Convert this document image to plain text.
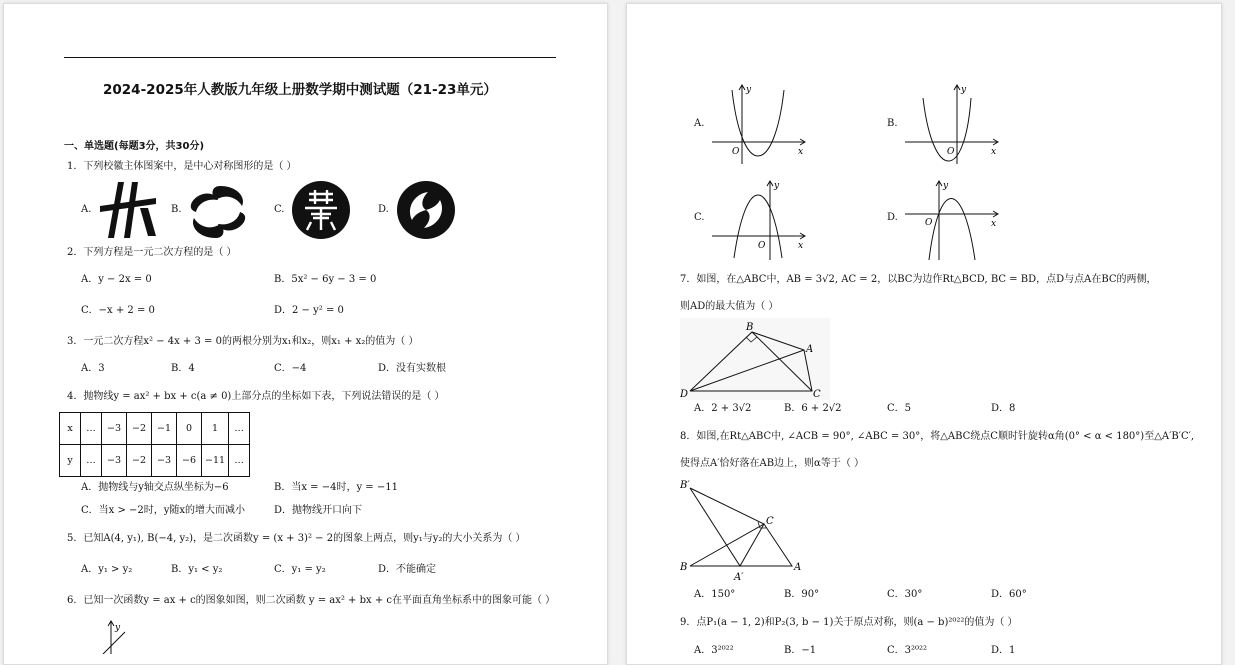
2024-2025年人教版九年级上册数学期中测试题（21-23单元）
一、单选题(每题3分，共30分)
1．下列校徽主体图案中，是中心对称图形的是（ ）
A.	B.	C.	D.
2．下列方程是一元二次方程的是（ ）
A．y − 2x = 0	B．5x² − 6y − 3 = 0
C．−x + 2 = 0	D．2 − y² = 0
3．一元二次方程x² − 4x + 3 = 0的两根分别为x₁和x₂，则x₁ + x₂的值为（ ）
A．3	B．4	C．−4	D．没有实数根
4．抛物线y = ax² + bx + c(a ≠ 0)上部分点的坐标如下表，下列说法错误的是（ ）
x	…	−3	−2	−1	0	1	…
y	…	−3	−2	−3	−6	−11	…
A．抛物线与y轴交点纵坐标为−6	B．当x = −4时，y = −11
C．当x > −2时，y随x的增大而减小	D．抛物线开口向下
5．已知A(4, y₁), B(−4, y₂)，是二次函数y = (x + 3)² − 2的图象上两点，则y₁与y₂的大小关系为（ ）
A．y₁ > y₂	B．y₁ < y₂	C．y₁ = y₂	D．不能确定
6．已知一次函数y = ax + c的图象如图，则二次函数 y = ax² + bx + c在平面直角坐标系中的图象可能（ ）
y
A.	B.
C.	D.
y
x
O
y
x
O
y
x
O
y
x
O
7．如图，在△ABC中，AB = 3√2, AC = 2，以BC为边作Rt△BCD, BC = BD，点D与点A在BC的两侧，
则AD的最大值为（ ）
B
A
D	C
A．2 + 3√2	B．6 + 2√2	C．5	D．8
8．如图,在Rt△ABC中, ∠ACB = 90°, ∠ABC = 30°，将△ABC绕点C顺时针旋转α角(0° < α < 180°)至△A′B′C′,
使得点A′恰好落在AB边上，则α等于（ ）
B′
C
B
A′
A
A．150°	B．90°	C．30°	D．60°
9．点P₁(a − 1, 2)和P₂(3, b − 1)关于原点对称，则(a − b)²⁰²²的值为（ ）
A．3²⁰²²	B．−1	C．3²⁰²²	D．1
